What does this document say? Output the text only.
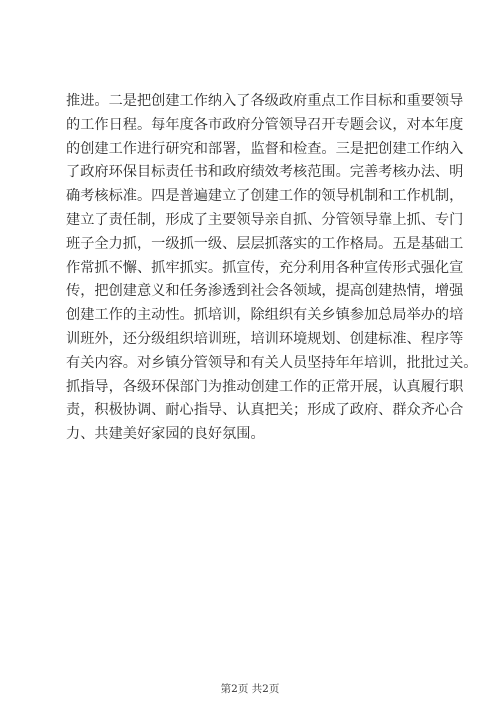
推进。二是把创建工作纳入了各级政府重点工作目标和重要领导
的工作日程。每年度各市政府分管领导召开专题会议，对本年度
的创建工作进行研究和部署，监督和检查。三是把创建工作纳入
了政府环保目标责任书和政府绩效考核范围。完善考核办法、明
确考核标准。四是普遍建立了创建工作的领导机制和工作机制，
建立了责任制，形成了主要领导亲自抓、分管领导靠上抓、专门
班子全力抓，一级抓一级、层层抓落实的工作格局。五是基础工
作常抓不懈、抓牢抓实。抓宣传，充分利用各种宣传形式强化宣
传，把创建意义和任务渗透到社会各领域，提高创建热情，增强
创建工作的主动性。抓培训，除组织有关乡镇参加总局举办的培
训班外，还分级组织培训班，培训环境规划、创建标准、程序等
有关内容。对乡镇分管领导和有关人员坚持年年培训，批批过关。
抓指导，各级环保部门为推动创建工作的正常开展，认真履行职
责，积极协调、耐心指导、认真把关；形成了政府、群众齐心合
力、共建美好家园的良好氛围。
第2页 共2页
